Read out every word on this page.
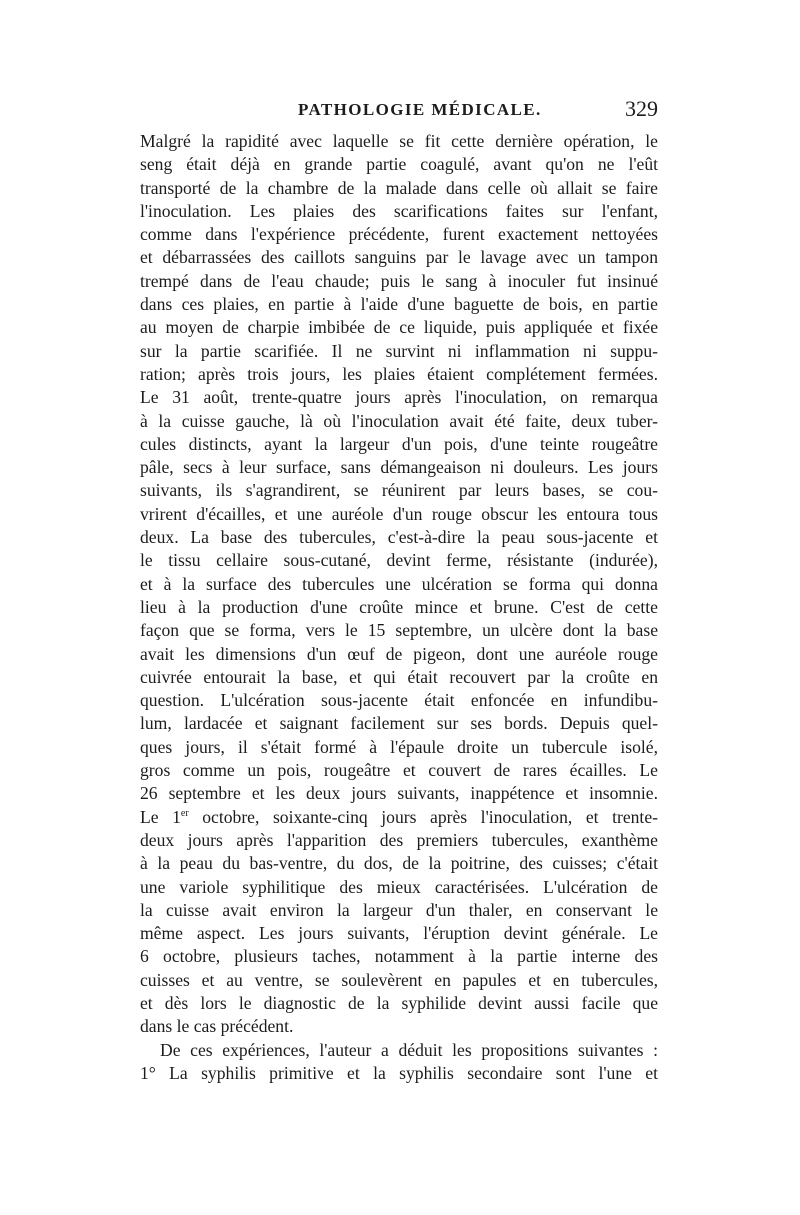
PATHOLOGIE MÉDICALE.	329
Malgré la rapidité avec laquelle se fit cette dernière opération, le
seng était déjà en grande partie coagulé, avant qu'on ne l'eût
transporté de la chambre de la malade dans celle où allait se faire
l'inoculation. Les plaies des scarifications faites sur l'enfant,
comme dans l'expérience précédente, furent exactement nettoyées
et débarrassées des caillots sanguins par le lavage avec un tampon
trempé dans de l'eau chaude; puis le sang à inoculer fut insinué
dans ces plaies, en partie à l'aide d'une baguette de bois, en partie
au moyen de charpie imbibée de ce liquide, puis appliquée et fixée
sur la partie scarifiée. Il ne survint ni inflammation ni suppu-
ration; après trois jours, les plaies étaient complétement fermées.
Le 31 août, trente-quatre jours après l'inoculation, on remarqua
à la cuisse gauche, là où l'inoculation avait été faite, deux tuber-
cules distincts, ayant la largeur d'un pois, d'une teinte rougeâtre
pâle, secs à leur surface, sans démangeaison ni douleurs. Les jours
suivants, ils s'agrandirent, se réunirent par leurs bases, se cou-
vrirent d'écailles, et une auréole d'un rouge obscur les entoura tous
deux. La base des tubercules, c'est-à-dire la peau sous-jacente et
le tissu cellaire sous-cutané, devint ferme, résistante (indurée),
et à la surface des tubercules une ulcération se forma qui donna
lieu à la production d'une croûte mince et brune. C'est de cette
façon que se forma, vers le 15 septembre, un ulcère dont la base
avait les dimensions d'un œuf de pigeon, dont une auréole rouge
cuivrée entourait la base, et qui était recouvert par la croûte en
question. L'ulcération sous-jacente était enfoncée en infundibu-
lum, lardacée et saignant facilement sur ses bords. Depuis quel-
ques jours, il s'était formé à l'épaule droite un tubercule isolé,
gros comme un pois, rougeâtre et couvert de rares écailles. Le
26 septembre et les deux jours suivants, inappétence et insomnie.
Le 1er octobre, soixante-cinq jours après l'inoculation, et trente-
deux jours après l'apparition des premiers tubercules, exanthème
à la peau du bas-ventre, du dos, de la poitrine, des cuisses; c'était
une variole syphilitique des mieux caractérisées. L'ulcération de
la cuisse avait environ la largeur d'un thaler, en conservant le
même aspect. Les jours suivants, l'éruption devint générale. Le
6 octobre, plusieurs taches, notamment à la partie interne des
cuisses et au ventre, se soulevèrent en papules et en tubercules,
et dès lors le diagnostic de la syphilide devint aussi facile que
dans le cas précédent.
De ces expériences, l'auteur a déduit les propositions suivantes :
1° La syphilis primitive et la syphilis secondaire sont l'une et
